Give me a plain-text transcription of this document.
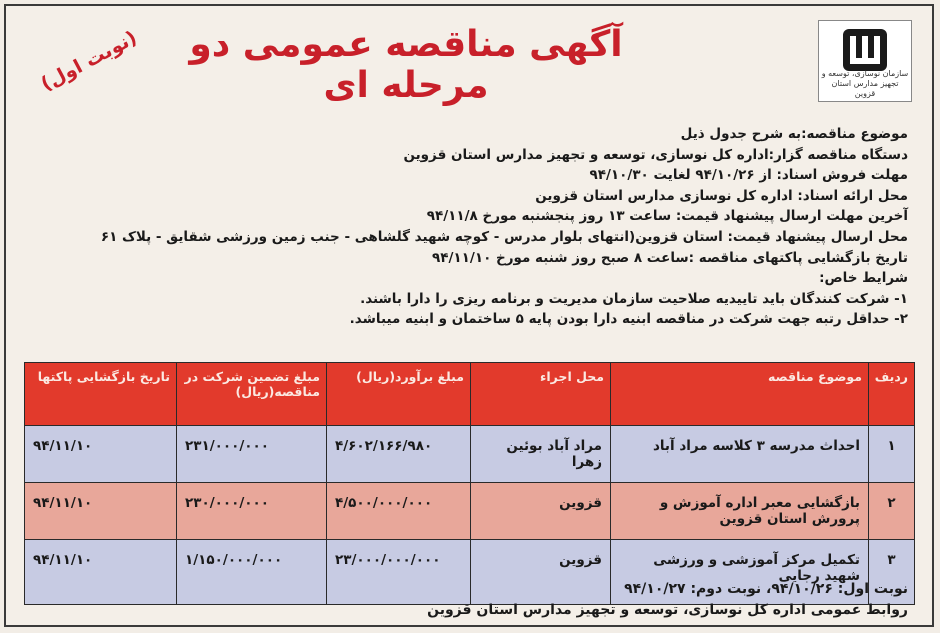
سازمان نوسازی، توسعه و تجهیز مدارس استان قزوین
آگهی مناقصه عمومی دو مرحله ای
(نوبت اول)
موضوع مناقصه:به شرح جدول ذیل
دستگاه مناقصه گزار:اداره کل نوسازی، توسعه و تجهیز مدارس استان قزوین
مهلت فروش اسناد: از ۹۴/۱۰/۲۶ لغایت ۹۴/۱۰/۳۰
محل ارائه اسناد: اداره کل نوسازی مدارس استان قزوین
آخرین مهلت ارسال پیشنهاد قیمت: ساعت ۱۳ روز پنجشنبه مورخ ۹۴/۱۱/۸
محل ارسال پیشنهاد قیمت: استان قزوین(انتهای بلوار مدرس - کوچه شهید گلشاهی - جنب زمین ورزشی شقایق - پلاک ۶۱
تاریخ بازگشایی پاکتهای مناقصه :ساعت ۸ صبح روز شنبه مورخ ۹۴/۱۱/۱۰
شرایط خاص:
۱- شرکت کنندگان باید تاییدیه صلاحیت سازمان مدیریت و برنامه ریزی را دارا باشند.
۲- حداقل رتبه جهت شرکت در مناقصه ابنیه دارا بودن پایه ۵ ساختمان و ابنیه میباشد.
ردیف	موضوع مناقصه	محل اجراء	مبلغ برآورد(ریال)	مبلغ تضمین شرکت در مناقصه(ریال)	تاریخ بازگشایی پاکتها
۱	احداث مدرسه ۳ کلاسه مراد آباد	مراد آباد بوئین زهرا	۴/۶۰۲/۱۶۶/۹۸۰	۲۳۱/۰۰۰/۰۰۰	۹۴/۱۱/۱۰
۲	بازگشایی معبر اداره آموزش و پرورش استان قزوین	قزوین	۴/۵۰۰/۰۰۰/۰۰۰	۲۳۰/۰۰۰/۰۰۰	۹۴/۱۱/۱۰
۳	تکمیل مرکز آموزشی و ورزشی شهید رجایی	قزوین	۲۳/۰۰۰/۰۰۰/۰۰۰	۱/۱۵۰/۰۰۰/۰۰۰	۹۴/۱۱/۱۰
نوبت اول: ۹۴/۱۰/۲۶، نوبت دوم: ۹۴/۱۰/۲۷
روابط عمومی اداره کل نوسازی، توسعه و تجهیز مدارس استان قزوین
